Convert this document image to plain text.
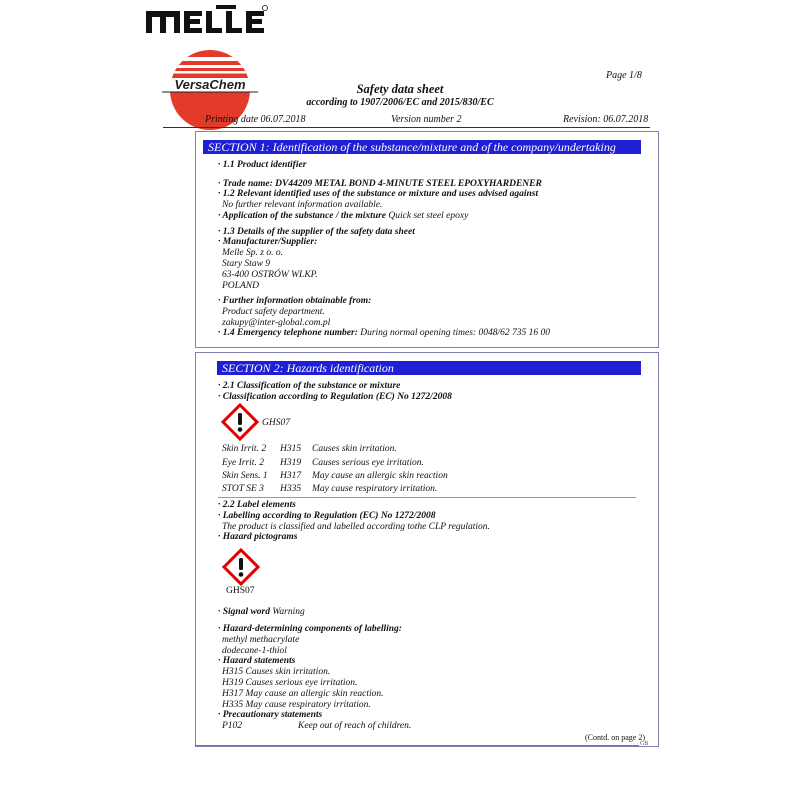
VersaChem
Page 1/8
Safety data sheet
according to 1907/2006/EC and 2015/830/EC
Printing date 06.07.2018	Version number 2	Revision: 06.07.2018
SECTION 1: Identification of the substance/mixture and of the company/undertaking
· 1.1 Product identifier
· Trade name: DV44209 METAL BOND 4-MINUTE STEEL EPOXYHARDENER
· 1.2 Relevant identified uses of the substance or mixture and uses advised against
No further relevant information available.
· Application of the substance / the mixture Quick set steel epoxy
· 1.3 Details of the supplier of the safety data sheet
· Manufacturer/Supplier:
Melle Sp. z o. o.
Stary Staw 9
63-400 OSTRÓW WLKP.
POLAND
· Further information obtainable from:
Product safety department.
zakupy@inter-global.com.pl
· 1.4 Emergency telephone number: During normal opening times: 0048/62 735 16 00
SECTION 2: Hazards identification
· 2.1 Classification of the substance or mixture
· Classification according to Regulation (EC) No 1272/2008
GHS07
Skin Irrit. 2 H315 Causes skin irritation.
Eye Irrit. 2 H319 Causes serious eye irritation.
Skin Sens. 1 H317 May cause an allergic skin reaction
STOT SE 3 H335 May cause respiratory irritation.
· 2.2 Label elements
· Labelling according to Regulation (EC) No 1272/2008
The product is classified and labelled according tothe CLP regulation.
· Hazard pictograms
GHS07
· Signal word Warning
· Hazard-determining components of labelling:
methyl methacrylate
dodecane-1-thiol
· Hazard statements
H315 Causes skin irritation.
H319 Causes serious eye irritation.
H317 May cause an allergic skin reaction.
H335 May cause respiratory irritation.
· Precautionary statements
P102	Keep out of reach of children.
(Contd. on page 2)
GB
